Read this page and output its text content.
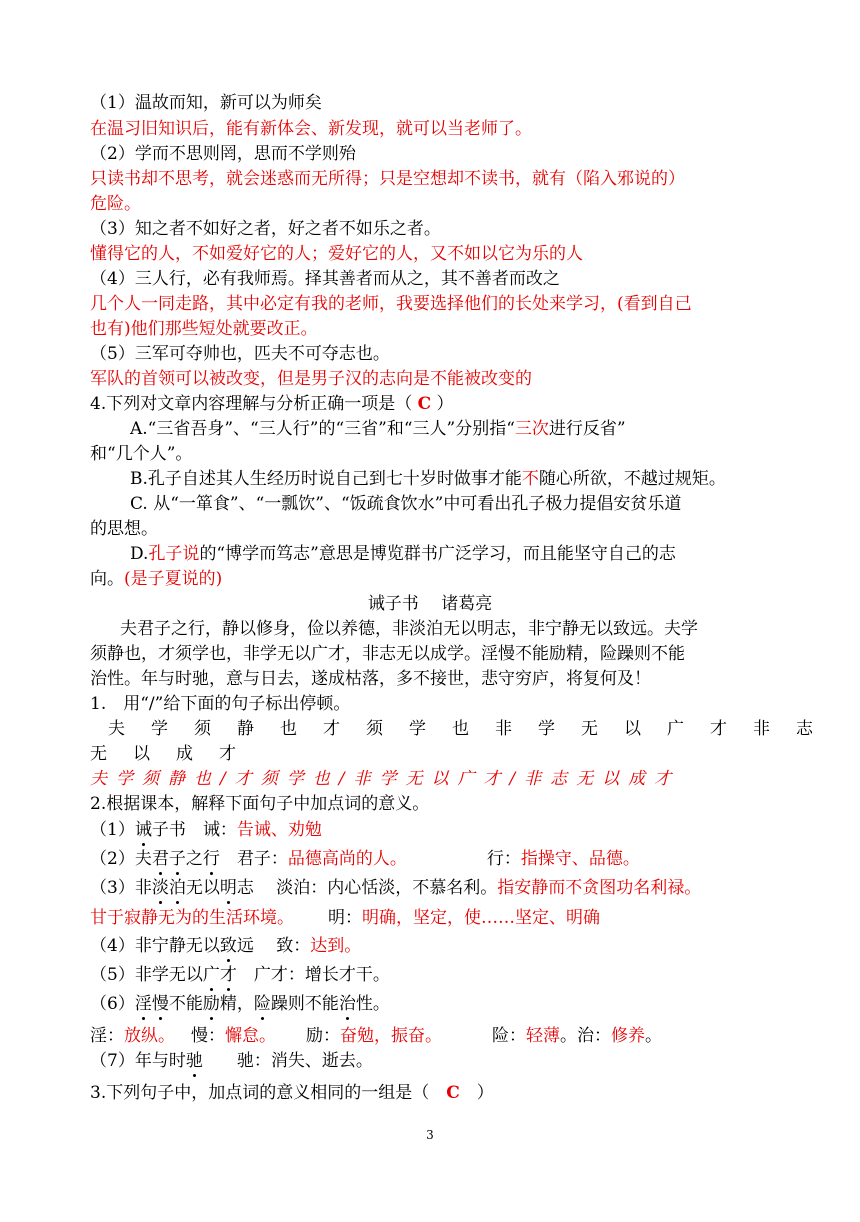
（1）温故而知，新可以为师矣
在温习旧知识后，能有新体会、新发现，就可以当老师了。
（2）学而不思则罔，思而不学则殆
只读书却不思考，就会迷惑而无所得；只是空想却不读书，就有（陷入邪说的）
危险。
（3）知之者不如好之者，好之者不如乐之者。
懂得它的人，不如爱好它的人；爱好它的人，又不如以它为乐的人
（4）三人行，必有我师焉。择其善者而从之，其不善者而改之
几个人一同走路，其中必定有我的老师，我要选择他们的长处来学习，(看到自己
也有)他们那些短处就要改正。
（5）三军可夺帅也，匹夫不可夺志也。
军队的首领可以被改变，但是男子汉的志向是不能被改变的
4.下列对文章内容理解与分析正确一项是（ C ）
A.“三省吾身”、“三人行”的“三省”和“三人”分别指“三次进行反省”
和“几个人”。
B.孔子自述其人生经历时说自己到七十岁时做事才能不随心所欲，不越过规矩。
C. 从“一箪食”、“一瓢饮”、“饭疏食饮水”中可看出孔子极力提倡安贫乐道
的思想。
D.孔子说的“博学而笃志”意思是博览群书广泛学习，而且能坚守自己的志
向。(是子夏说的)
诫子书　 诸葛亮
夫君子之行，静以修身，俭以养德，非淡泊无以明志，非宁静无以致远。夫学
须静也，才须学也，非学无以广才，非志无以成学。淫慢不能励精，险躁则不能
治性。年与时驰，意与日去，遂成枯落，多不接世，悲守穷庐，将复何及！
1.　用“/”给下面的句子标出停顿。
夫学须静也才须学也非学无以广才非志
无以成才
夫学须静也/才须学也/非学无以广才/非志无以成才
2.根据课本，解释下面句子中加点词的意义。
（1）诫子书　诫：告诫、劝勉
（2）夫君子之行　君子：品德高尚的人。	行：指操守、品德。
（3）非淡泊无以明志　 淡泊：内心恬淡，不慕名利。指安静而不贪图功名利禄。
甘于寂静无为的生活环境。 明：明确，坚定，使……坚定、明确
（4）非宁静无以致远　 致：达到。
（5）非学无以广才　广才：增长才干。
（6）淫慢不能励精，险躁则不能治性。
淫：放纵。 慢：懈怠。 励：奋勉，振奋。	险：轻薄。治：修养。
（7）年与时驰　　驰：消失、逝去。
3.下列句子中，加点词的意义相同的一组是（　C　）
3
